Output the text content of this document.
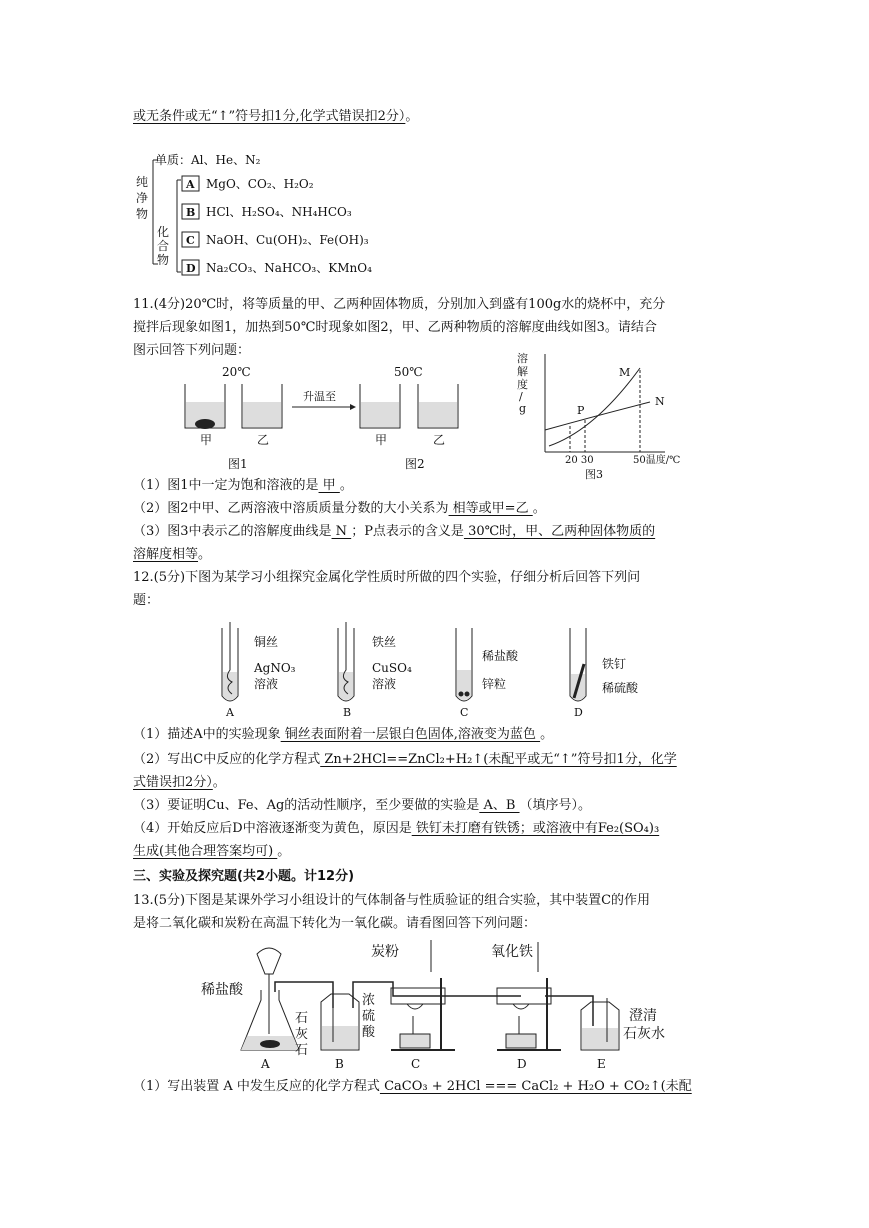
或无条件或无“↑”符号扣1分,化学式错误扣2分）。
纯
净
物
单质：Al、He、N₂
化
合
物
A MgO、CO₂、H₂O₂
B HCl、H₂SO₄、NH₄HCO₃
C NaOH、Cu(OH)₂、Fe(OH)₃
D Na₂CO₃、NaHCO₃、KMnO₄
11.(4分)20℃时，将等质量的甲、乙两种固体物质，分别加入到盛有100g水的烧杯中，充分
搅拌后现象如图1，加热到50℃时现象如图2，甲、乙两种物质的溶解度曲线如图3。请结合
图示回答下列问题：
20℃
甲	乙
升温至
50℃
甲	乙
图1	图2
溶
解
度
/
g
M
N
P
20 30	50温度/℃
图3
（1）图1中一定为饱和溶液的是 甲 。
（2）图2中甲、乙两溶液中溶质质量分数的大小关系为 相等或甲=乙 。
（3）图3中表示乙的溶解度曲线是 N ；P点表示的含义是 30℃时，甲、乙两种固体物质的
溶解度相等。
12.(5分)下图为某学习小组探究金属化学性质时所做的四个实验，仔细分析后回答下列问
题：
铜丝
AgNO₃
溶液
A
铁丝
CuSO₄
溶液
B
稀盐酸
锌粒
C
铁钉
稀硫酸
D
（1）描述A中的实验现象 铜丝表面附着一层银白色固体,溶液变为蓝色 。
（2）写出C中反应的化学方程式 Zn+2HCl==ZnCl₂+H₂↑(未配平或无“↑”符号扣1分，化学
式错误扣2分）。
（3）要证明Cu、Fe、Ag的活动性顺序，至少要做的实验是 A、B （填序号）。
（4）开始反应后D中溶液逐渐变为黄色，原因是 铁钉未打磨有铁锈；或溶液中有Fe₂(SO₄)₃
生成(其他合理答案均可) 。
三、实验及探究题(共2小题。计12分)
13.(5分)下图是某课外学习小组设计的气体制备与性质验证的组合实验，其中装置C的作用
是将二氧化碳和炭粉在高温下转化为一氧化碳。请看图回答下列问题：
稀盐酸
石
灰
石
A
浓
硫
酸
B
炭粉
C
氧化铁
D
澄清
石灰水
E
（1）写出装置 A 中发生反应的化学方程式 CaCO₃ + 2HCl === CaCl₂ + H₂O + CO₂↑(未配
